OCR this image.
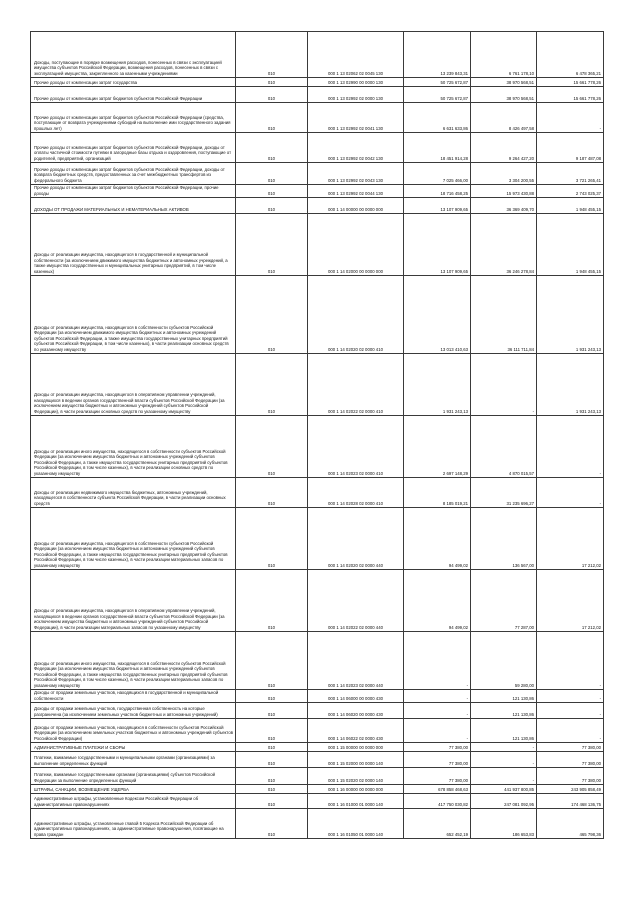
Доходы, поступающие в порядке возмещения расходов, понесенных в связи с эксплуатацией имущества субъектов Российской Федерации, возмещения расходов, понесенных в связи с эксплуатацией имущества, закрепленного за казенными учреждениями	010	000 1 13 02062 02 0045 130	13 239 843,31	6 761 178,10	6 478 365,21
Прочие доходы от компенсации затрат государства	010	000 1 13 02990 00 0000 130	50 725 672,87	38 970 568,51	15 661 778,26
Прочие доходы от компенсации затрат бюджетов субъектов Российской Федерации	010	000 1 13 02992 02 0000 130	50 725 672,87	38 970 568,51	15 661 778,26
Прочие доходы от компенсации затрат бюджетов субъектов Российской Федерации (средства, поступающие от возврата учреждениями субсидий на выполнение ими государственного задания прошлых лет)	010	000 1 13 02992 02 0041 130	6 631 633,86	8 426 497,58	-
Прочие доходы от компенсации затрат бюджетов субъектов Российской Федерации, доходы от оплаты частичной стоимости путевки в загородные базы отдыха и оздоровления, поступающие от родителей, предприятий, организаций	010	000 1 13 02992 02 0042 130	18 451 914,28	9 264 427,20	9 187 487,08
Прочие доходы от компенсации затрат бюджетов субъектов Российской Федерации, доходы от возврата бюджетных средств, предоставленных за счет межбюджетных трансфертов из федерального бюджета	010	000 1 13 02992 02 0043 130	7 025 466,00	3 304 200,55	3 721 265,41
Прочие доходы от компенсации затрат бюджетов субъектов Российской Федерации, прочие доходы	010	000 1 13 02992 02 0044 130	18 716 458,25	15 973 430,88	2 743 025,37
ДОХОДЫ ОТ ПРОДАЖИ МАТЕРИАЛЬНЫХ И НЕМАТЕРИАЛЬНЫХ АКТИВОВ	010	000 1 14 00000 00 0000 000	13 107 909,65	36 369 409,70	1 948 455,15
Доходы от реализации имущества, находящегося в государственной и муниципальной собственности (за исключением движимого имущества бюджетных и автономных учреждений, а также имущества государственных и муниципальных унитарных предприятий, в том числе казенных)	010	000 1 14 02000 00 0000 000	13 107 909,65	36 246 278,84	1 948 455,15
Доходы от реализации имущества, находящегося в собственности субъектов Российской Федерации (за исключением движимого имущества бюджетных и автономных учреждений субъектов Российской Федерации, а также имущества государственных унитарных предприятий субъектов Российской Федерации, в том числе казенных), в части реализации основных средств по указанному имуществу	010	000 1 14 02020 02 0000 410	13 013 410,63	36 111 711,84	1 931 243,13
Доходы от реализации имущества, находящегося в оперативном управлении учреждений, находящихся в ведении органов государственной власти субъектов Российской Федерации (за исключением имущества бюджетных и автономных учреждений субъектов Российской Федерации), в части реализации основных средств по указанному имуществу	010	000 1 14 02022 02 0000 410	1 931 243,13	-	1 931 243,13
Доходы от реализации иного имущества, находящегося в собственности субъектов Российской Федерации (за исключением имущества бюджетных и автономных учреждений субъектов Российской Федерации, а также имущества государственных унитарных предприятий субъектов Российской Федерации, в том числе казенных), в части реализации основных средств по указанному имуществу	010	000 1 14 02023 02 0000 410	2 697 148,29	4 870 015,57	-
Доходы от реализации недвижимого имущества бюджетных, автономных учреждений, находящегося в собственности субъекта Российской Федерации, в части реализации основных средств	010	000 1 14 02028 02 0000 410	8 185 019,21	31 235 696,27	-
Доходы от реализации имущества, находящегося в собственности субъектов Российской Федерации (за исключением имущества бюджетных и автономных учреждений субъектов Российской Федерации, а также имущества государственных унитарных предприятий субъектов Российской Федерации, в том числе казенных), в части реализации материальных запасов по указанному имуществу	010	000 1 14 02020 02 0000 440	94 499,02	136 567,00	17 212,02
Доходы от реализации имущества, находящегося в оперативном управлении учреждений, находящихся в ведении органов государственной власти субъектов Российской Федерации (за исключением имущества бюджетных и автономных учреждений субъектов Российской Федерации), в части реализации материальных запасов по указанному имуществу	010	000 1 14 02022 02 0000 440	94 499,02	77 287,00	17 212,02
Доходы от реализации иного имущества, находящегося в собственности субъектов Российской Федерации (за исключением имущества бюджетных и автономных учреждений субъектов Российской Федерации, а также имущества государственных унитарных предприятий субъектов Российской Федерации, в том числе казенных), в части реализации материальных запасов по указанному имуществу	010	000 1 14 02023 02 0000 440	-	59 280,00	-
Доходы от продажи земельных участков, находящихся в государственной и муниципальной собственности	010	000 1 14 06000 00 0000 430	-	121 130,86	-
Доходы от продажи земельных участков, государственная собственность на которые разграничена (за исключением земельных участков бюджетных и автономных учреждений)	010	000 1 14 06020 00 0000 430	-	121 130,86	-
Доходы от продажи земельных участков, находящихся в собственности субъектов Российской Федерации (за исключением земельных участков бюджетных и автономных учреждений субъектов Российской Федерации)	010	000 1 14 06022 02 0000 430	-	121 130,86	-
АДМИНИСТРАТИВНЫЕ ПЛАТЕЖИ И СБОРЫ	010	000 1 15 00000 00 0000 000	77 380,00	-	77 380,00
Платежи, взимаемые государственными и муниципальными органами (организациями) за выполнение определенных функций	010	000 1 15 02000 00 0000 140	77 380,00	-	77 380,00
Платежи, взимаемые государственными органами (организациями) субъектов Российской Федерации за выполнение определенных функций	010	000 1 15 02020 02 0000 140	77 380,00	-	77 380,00
ШТРАФЫ, САНКЦИИ, ВОЗМЕЩЕНИЕ УЩЕРБА	010	000 1 16 00000 00 0000 000	678 858 468,63	441 937 800,85	243 905 858,49
Административные штрафы, установленные Кодексом Российской Федерации об административных правонарушениях	010	000 1 16 01000 01 0000 140	417 750 030,82	247 081 092,95	174 468 136,75
Административные штрафы, установленные главой 5 Кодекса Российской Федерации об административных правонарушениях, за административные правонарушения, посягающие на права граждан	010	000 1 16 01050 01 0000 140	652 452,19	186 653,83	465 798,36
